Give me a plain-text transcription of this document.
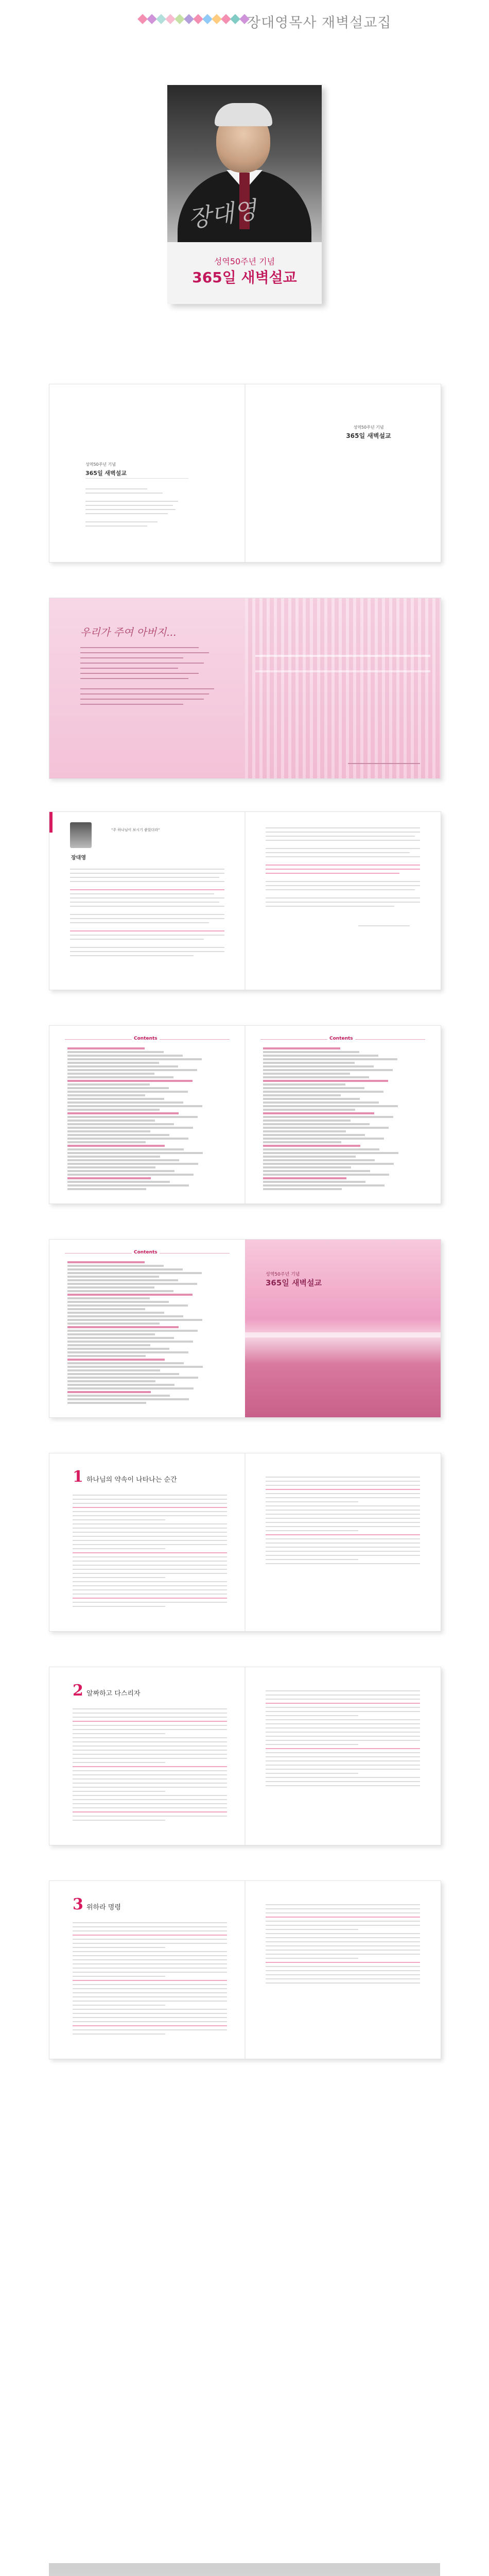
장대영목사 재벽설교집
장대영
성역50주년 기념
365일 새벽설교
성역50주년 기념
365일 새벽설교
성역50주년 기념
365일 새벽설교
우리가 주여 아버지...
장대영
"주 하나님이 보시기 좋았더라"
Contents	Contents
Contents
성역50주년 기념
365일 새벽설교
1 하나님의 약속이 나타나는 순간
2 알짜하고 다스리자
3 위하라 명령
